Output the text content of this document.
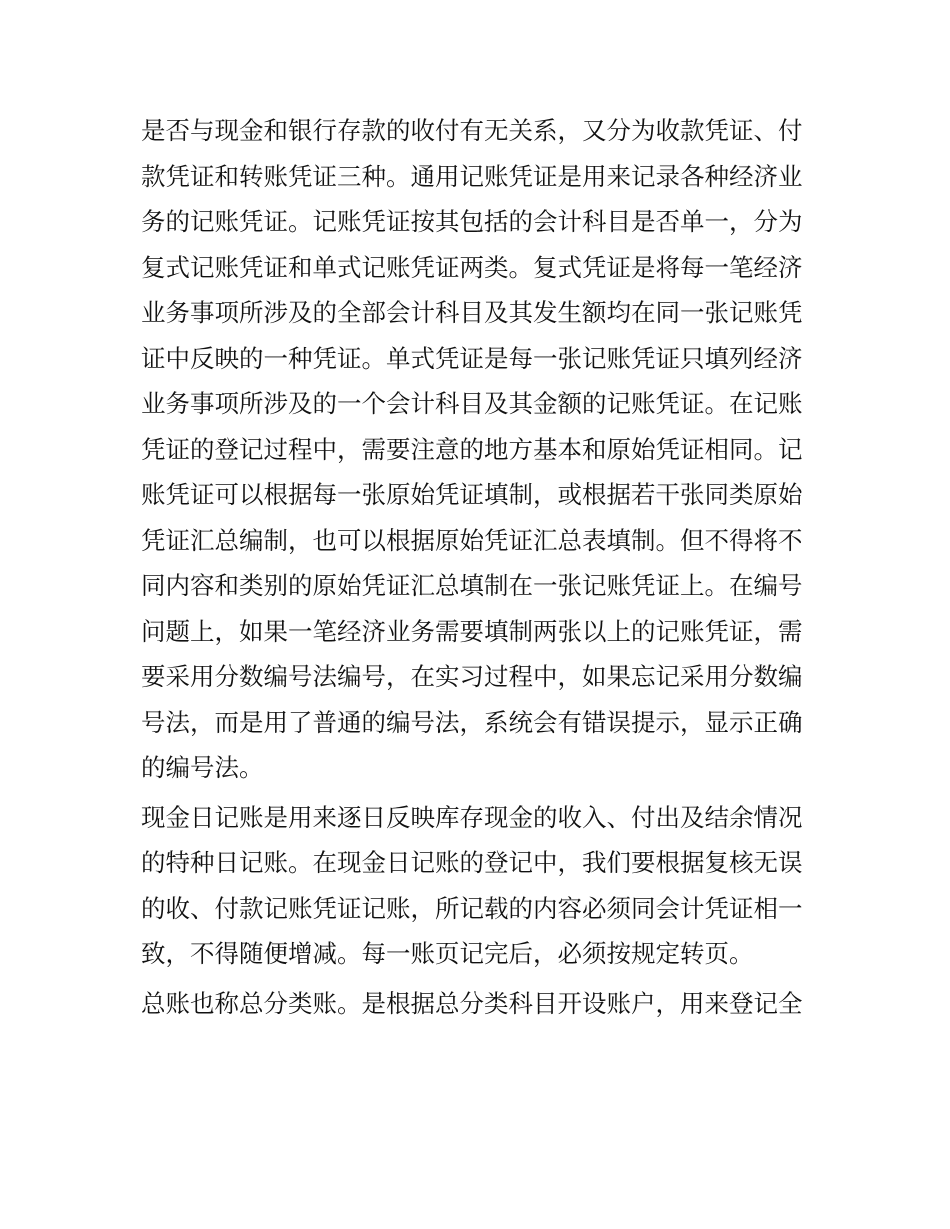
是否与现金和银行存款的收付有无关系，又分为收款凭证、付
款凭证和转账凭证三种。通用记账凭证是用来记录各种经济业
务的记账凭证。记账凭证按其包括的会计科目是否单一，分为
复式记账凭证和单式记账凭证两类。复式凭证是将每一笔经济
业务事项所涉及的全部会计科目及其发生额均在同一张记账凭
证中反映的一种凭证。单式凭证是每一张记账凭证只填列经济
业务事项所涉及的一个会计科目及其金额的记账凭证。在记账
凭证的登记过程中，需要注意的地方基本和原始凭证相同。记
账凭证可以根据每一张原始凭证填制，或根据若干张同类原始
凭证汇总编制，也可以根据原始凭证汇总表填制。但不得将不
同内容和类别的原始凭证汇总填制在一张记账凭证上。在编号
问题上，如果一笔经济业务需要填制两张以上的记账凭证，需
要采用分数编号法编号，在实习过程中，如果忘记采用分数编
号法，而是用了普通的编号法，系统会有错误提示，显示正确
的编号法。
现金日记账是用来逐日反映库存现金的收入、付出及结余情况
的特种日记账。在现金日记账的登记中，我们要根据复核无误
的收、付款记账凭证记账，所记载的内容必须同会计凭证相一
致，不得随便增减。每一账页记完后，必须按规定转页。
总账也称总分类账。是根据总分类科目开设账户，用来登记全
